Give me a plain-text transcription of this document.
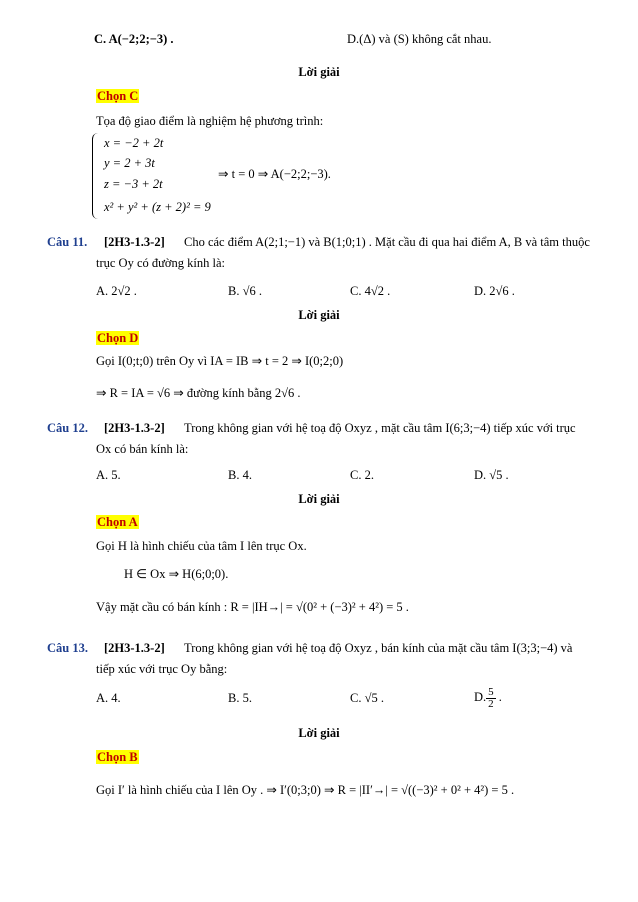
C. A(−2;2;−3) .	D.(Δ) và (S) không cắt nhau.
Lời giải
Chọn C
Tọa độ giao điểm là nghiệm hệ phương trình:
x = −2 + 2t
y = 2 + 3t
z = −3 + 2t
x² + y² + (z + 2)² = 9
⇒ t = 0 ⇒ A(−2;2;−3).
Câu 11. [2H3-1.3-2] Cho các điểm A(2;1;−1) và B(1;0;1) . Mặt cầu đi qua hai điểm A, B và tâm thuộc
trục Oy có đường kính là:
A. 2√2 .	B. √6 .	C. 4√2 .	D. 2√6 .
Lời giải
Chọn D
Gọi I(0;t;0) trên Oy vì IA = IB ⇒ t = 2 ⇒ I(0;2;0)
⇒ R = IA = √6 ⇒ đường kính bằng 2√6 .
Câu 12. [2H3-1.3-2] Trong không gian với hệ toạ độ Oxyz , mặt cầu tâm I(6;3;−4) tiếp xúc với trục
Ox có bán kính là:
A. 5.	B. 4.	C. 2.	D. √5 .
Lời giải
Chọn A
Gọi H là hình chiếu của tâm I lên trục Ox.
H ∈ Ox ⇒ H(6;0;0).
Vậy mặt cầu có bán kính : R = |IH→| = √(0² + (−3)² + 4²) = 5 .
Câu 13. [2H3-1.3-2] Trong không gian với hệ toạ độ Oxyz , bán kính của mặt cầu tâm I(3;3;−4) và
tiếp xúc với trục Oy bằng:
A. 4.	B. 5.	C. √5 .	D. $\frac{5}{2}$ .
Lời giải
Chọn B
Gọi I′ là hình chiếu của I lên Oy . ⇒ I′(0;3;0) ⇒ R = |II′→| = √((−3)² + 0² + 4²) = 5 .
